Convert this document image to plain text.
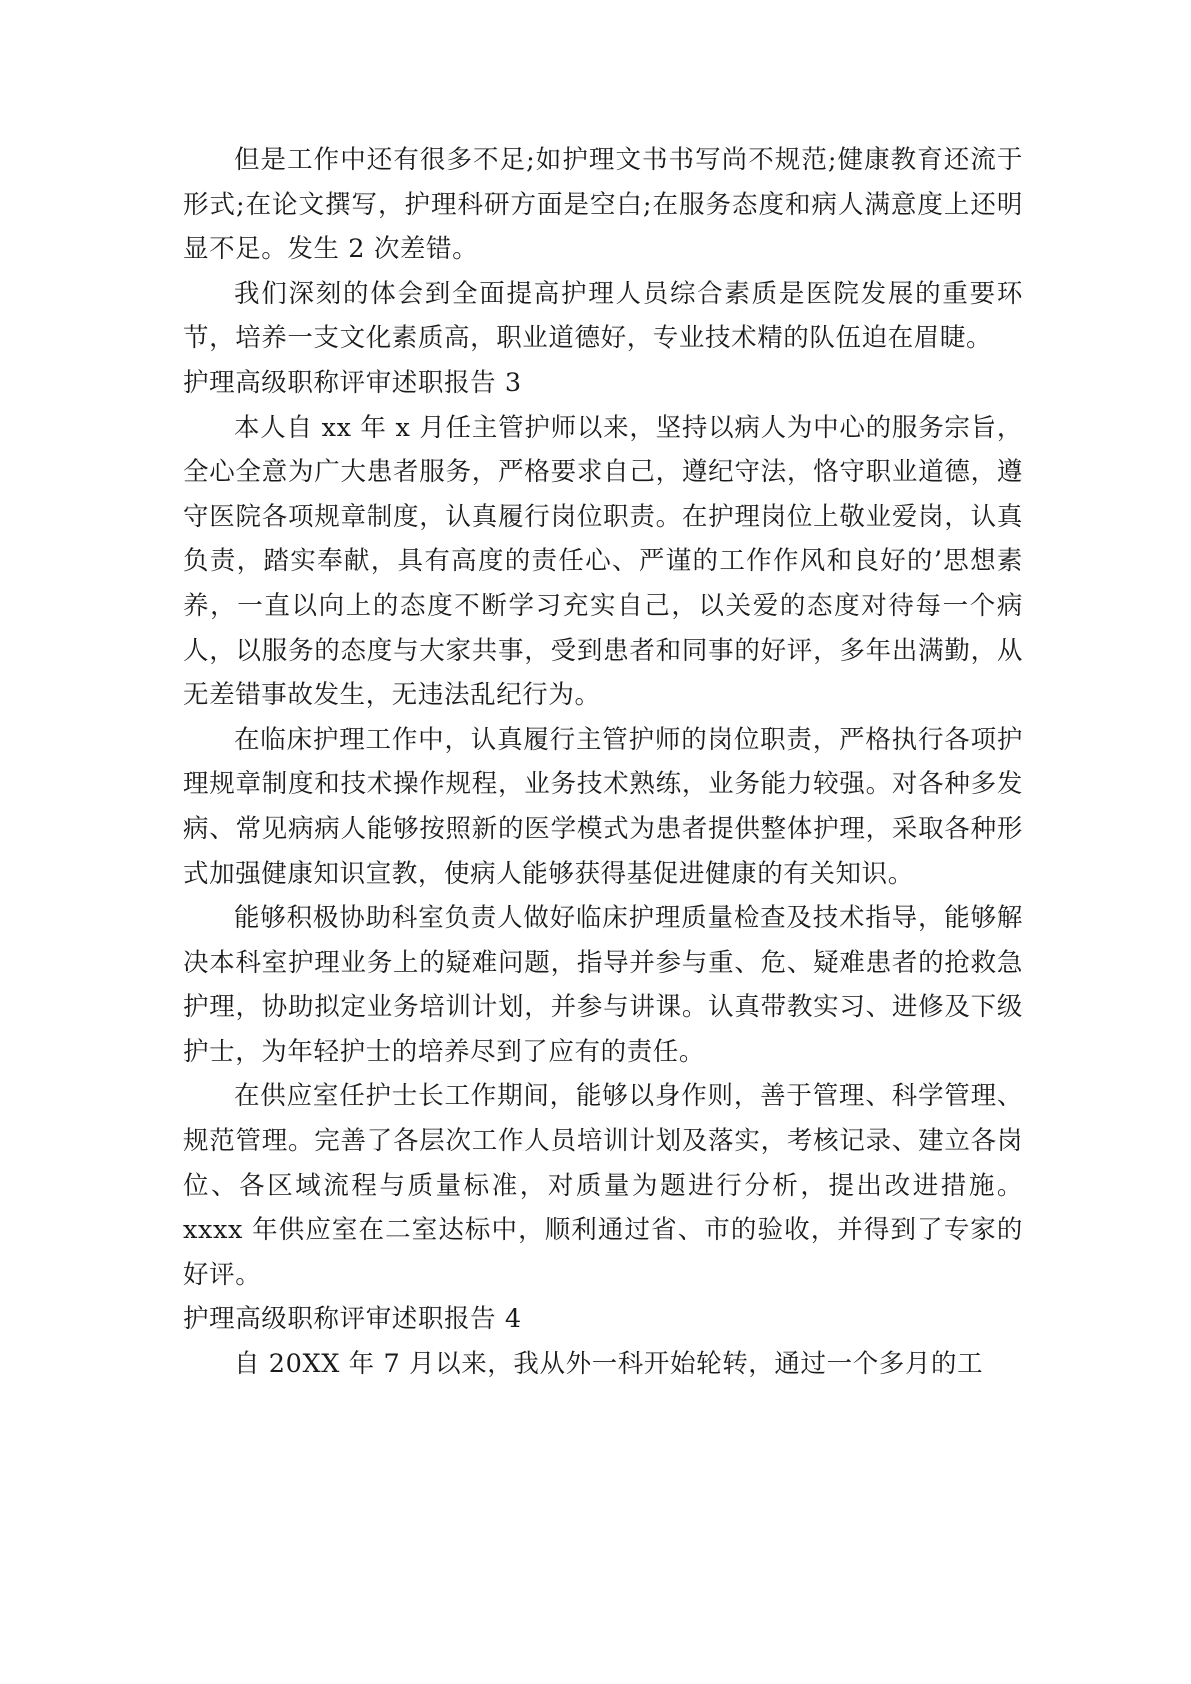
但是工作中还有很多不足;如护理文书书写尚不规范;健康教育还流于形式;在论文撰写，护理科研方面是空白;在服务态度和病人满意度上还明显不足。发生 2 次差错。

我们深刻的体会到全面提高护理人员综合素质是医院发展的重要环节，培养一支文化素质高，职业道德好，专业技术精的队伍迫在眉睫。

护理高级职称评审述职报告 3

本人自 xx 年 x 月任主管护师以来，坚持以病人为中心的服务宗旨，全心全意为广大患者服务，严格要求自己，遵纪守法，恪守职业道德，遵守医院各项规章制度，认真履行岗位职责。在护理岗位上敬业爱岗，认真负责，踏实奉献，具有高度的责任心、严谨的工作作风和良好的’思想素养，一直以向上的态度不断学习充实自己，以关爱的态度对待每一个病人，以服务的态度与大家共事，受到患者和同事的好评，多年出满勤，从无差错事故发生，无违法乱纪行为。

在临床护理工作中，认真履行主管护师的岗位职责，严格执行各项护理规章制度和技术操作规程，业务技术熟练，业务能力较强。对各种多发病、常见病病人能够按照新的医学模式为患者提供整体护理，采取各种形式加强健康知识宣教，使病人能够获得基促进健康的有关知识。

能够积极协助科室负责人做好临床护理质量检查及技术指导，能够解决本科室护理业务上的疑难问题，指导并参与重、危、疑难患者的抢救急护理，协助拟定业务培训计划，并参与讲课。认真带教实习、进修及下级护士，为年轻护士的培养尽到了应有的责任。

在供应室任护士长工作期间，能够以身作则，善于管理、科学管理、规范管理。完善了各层次工作人员培训计划及落实，考核记录、建立各岗位、各区域流程与质量标准，对质量为题进行分析，提出改进措施。xxxx 年供应室在二室达标中，顺利通过省、市的验收，并得到了专家的好评。

护理高级职称评审述职报告 4

自 20XX 年 7 月以来，我从外一科开始轮转，通过一个多月的工
